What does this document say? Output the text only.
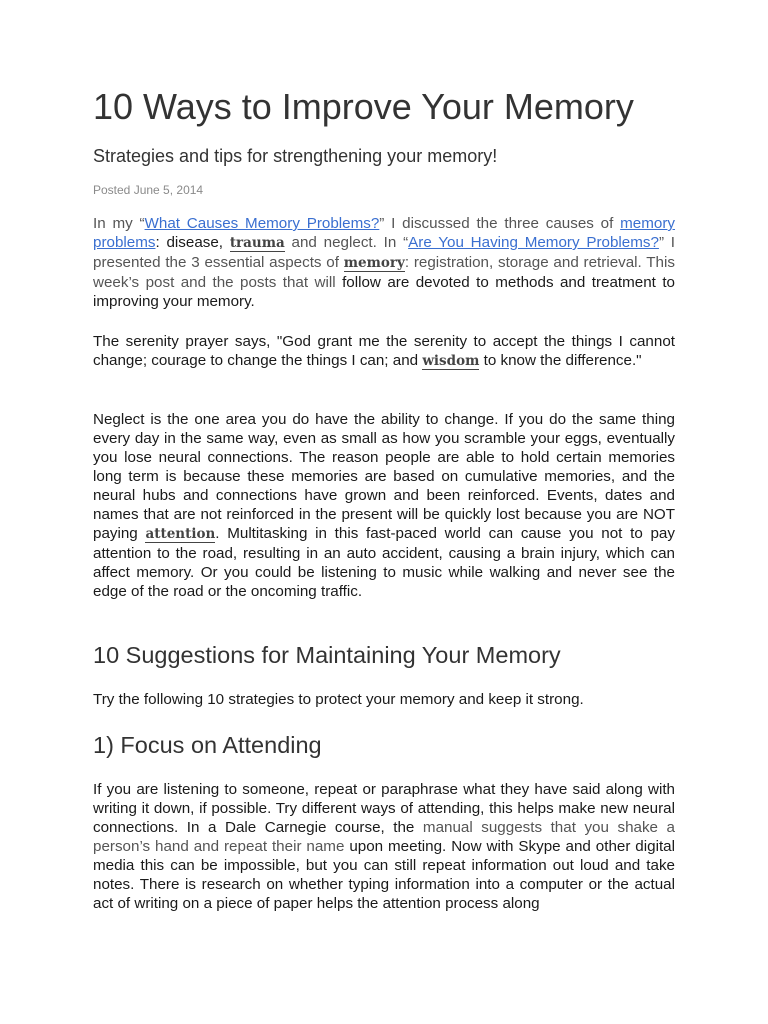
10 Ways to Improve Your Memory
Strategies and tips for strengthening your memory!
Posted June 5, 2014

In my “What Causes Memory Problems?” I discussed the three causes of memory problems: disease, trauma and neglect. In “Are You Having Memory Problems?” I presented the 3 essential aspects of memory: registration, storage and retrieval. This week’s post and the posts that will follow are devoted to methods and treatment to improving your memory.

The serenity prayer says, "God grant me the serenity to accept the things I cannot change; courage to change the things I can; and wisdom to know the difference."

Neglect is the one area you do have the ability to change. If you do the same thing every day in the same way, even as small as how you scramble your eggs, eventually you lose neural connections. The reason people are able to hold certain memories long term is because these memories are based on cumulative memories, and the neural hubs and connections have grown and been reinforced. Events, dates and names that are not reinforced in the present will be quickly lost because you are NOT paying attention. Multitasking in this fast-paced world can cause you not to pay attention to the road, resulting in an auto accident, causing a brain injury, which can affect memory. Or you could be listening to music while walking and never see the edge of the road or the oncoming traffic.

10 Suggestions for Maintaining Your Memory

Try the following 10 strategies to protect your memory and keep it strong.

1) Focus on Attending

If you are listening to someone, repeat or paraphrase what they have said along with writing it down, if possible. Try different ways of attending, this helps make new neural connections. In a Dale Carnegie course, the manual suggests that you shake a person’s hand and repeat their name upon meeting. Now with Skype and other digital media this can be impossible, but you can still repeat information out loud and take notes. There is research on whether typing information into a computer or the actual act of writing on a piece of paper helps the attention process along
